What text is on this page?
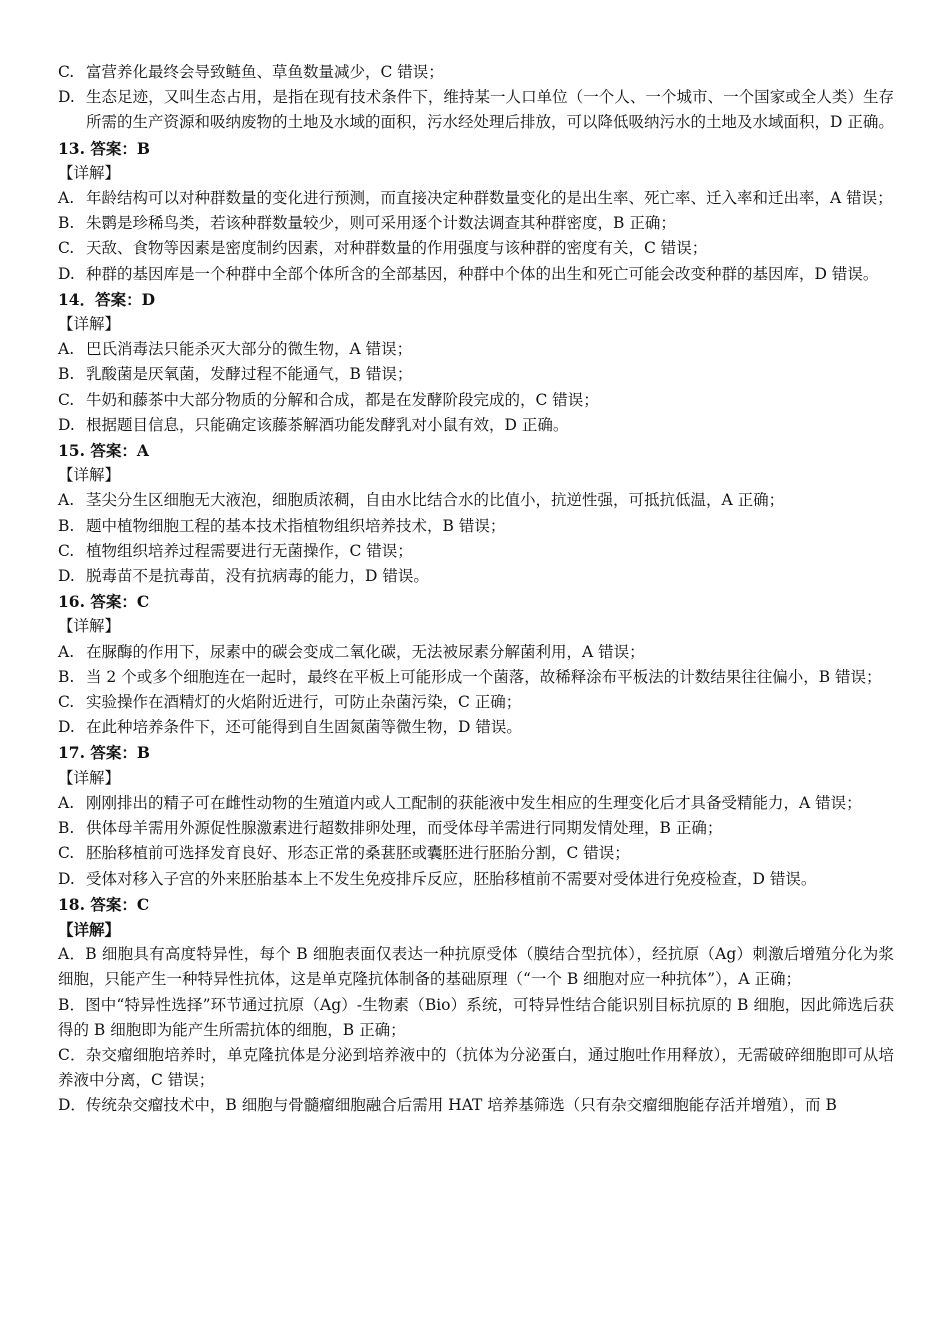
C. 富营养化最终会导致鲢鱼、草鱼数量减少，C 错误；
D. 生态足迹，又叫生态占用，是指在现有技术条件下，维持某一人口单位（一个人、一个城市、一个国家或全人类）生存所需的生产资源和吸纳废物的土地及水域的面积，污水经处理后排放，可以降低吸纳污水的土地及水域面积，D 正确。
13. 答案：B
【详解】
A. 年龄结构可以对种群数量的变化进行预测，而直接决定种群数量变化的是出生率、死亡率、迁入率和迁出率，A 错误；
B. 朱鹮是珍稀鸟类，若该种群数量较少，则可采用逐个计数法调查其种群密度，B 正确；
C. 天敌、食物等因素是密度制约因素，对种群数量的作用强度与该种群的密度有关，C 错误；
D. 种群的基因库是一个种群中全部个体所含的全部基因，种群中个体的出生和死亡可能会改变种群的基因库，D 错误。
14．答案：D
【详解】
A. 巴氏消毒法只能杀灭大部分的微生物，A 错误；
B. 乳酸菌是厌氧菌，发酵过程不能通气，B 错误；
C. 牛奶和藤茶中大部分物质的分解和合成，都是在发酵阶段完成的，C 错误；
D. 根据题目信息，只能确定该藤茶解酒功能发酵乳对小鼠有效，D 正确。
15. 答案：A
【详解】
A. 茎尖分生区细胞无大液泡，细胞质浓稠，自由水比结合水的比值小，抗逆性强，可抵抗低温，A 正确；
B. 题中植物细胞工程的基本技术指植物组织培养技术，B 错误；
C. 植物组织培养过程需要进行无菌操作，C 错误；
D. 脱毒苗不是抗毒苗，没有抗病毒的能力，D 错误。
16. 答案：C
【详解】
A. 在脲酶的作用下，尿素中的碳会变成二氧化碳，无法被尿素分解菌利用，A 错误；
B. 当 2 个或多个细胞连在一起时，最终在平板上可能形成一个菌落，故稀释涂布平板法的计数结果往往偏小，B 错误；
C. 实验操作在酒精灯的火焰附近进行，可防止杂菌污染，C 正确；
D. 在此种培养条件下，还可能得到自生固氮菌等微生物，D 错误。
17. 答案：B
【详解】
A. 刚刚排出的精子可在雌性动物的生殖道内或人工配制的获能液中发生相应的生理变化后才具备受精能力，A 错误；
B. 供体母羊需用外源促性腺激素进行超数排卵处理，而受体母羊需进行同期发情处理，B 正确；
C. 胚胎移植前可选择发育良好、形态正常的桑葚胚或囊胚进行胚胎分割，C 错误；
D. 受体对移入子宫的外来胚胎基本上不发生免疫排斥反应，胚胎移植前不需要对受体进行免疫检查，D 错误。
18. 答案：C
【详解】
A．B 细胞具有高度特异性，每个 B 细胞表面仅表达一种抗原受体（膜结合型抗体），经抗原（Ag）刺激后增殖分化为浆细胞，只能产生一种特异性抗体，这是单克隆抗体制备的基础原理（“一个 B 细胞对应一种抗体”），A 正确；
B．图中“特异性选择”环节通过抗原（Ag）-生物素（Bio）系统，可特异性结合能识别目标抗原的 B 细胞，因此筛选后获得的 B 细胞即为能产生所需抗体的细胞，B 正确；
C．杂交瘤细胞培养时，单克隆抗体是分泌到培养液中的（抗体为分泌蛋白，通过胞吐作用释放），无需破碎细胞即可从培养液中分离，C 错误；
D．传统杂交瘤技术中，B 细胞与骨髓瘤细胞融合后需用 HAT 培养基筛选（只有杂交瘤细胞能存活并增殖），而 B
